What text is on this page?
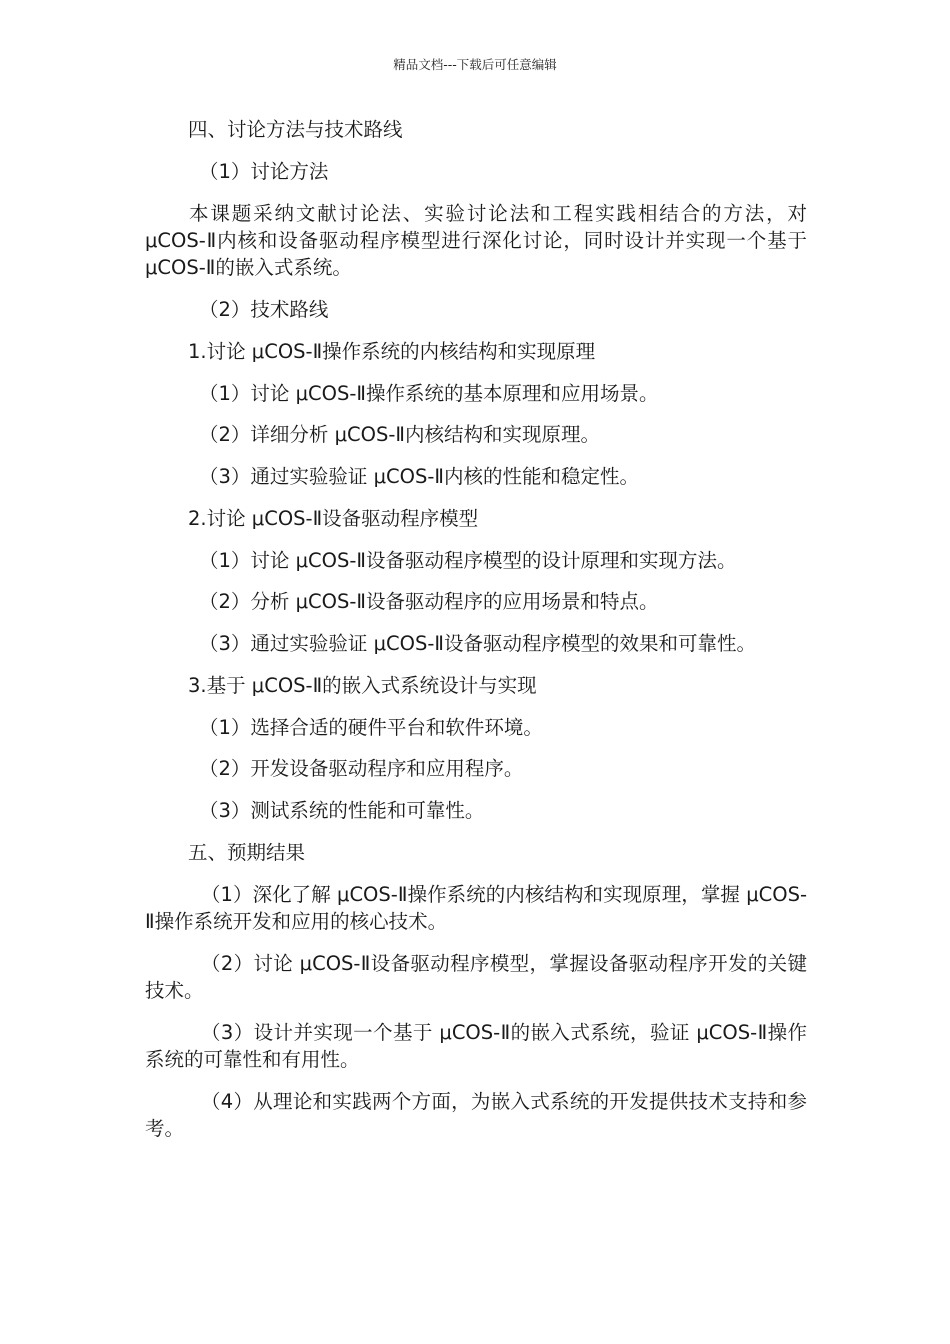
精品文档---下载后可任意编辑
四、讨论方法与技术路线
（1）讨论方法
本课题采纳文献讨论法、实验讨论法和工程实践相结合的方法，对 μCOS-Ⅱ内核和设备驱动程序模型进行深化讨论，同时设计并实现一个基于 μCOS-Ⅱ的嵌入式系统。
（2）技术路线
1.讨论 μCOS-Ⅱ操作系统的内核结构和实现原理
（1）讨论 μCOS-Ⅱ操作系统的基本原理和应用场景。
（2）详细分析 μCOS-Ⅱ内核结构和实现原理。
（3）通过实验验证 μCOS-Ⅱ内核的性能和稳定性。
2.讨论 μCOS-Ⅱ设备驱动程序模型
（1）讨论 μCOS-Ⅱ设备驱动程序模型的设计原理和实现方法。
（2）分析 μCOS-Ⅱ设备驱动程序的应用场景和特点。
（3）通过实验验证 μCOS-Ⅱ设备驱动程序模型的效果和可靠性。
3.基于 μCOS-Ⅱ的嵌入式系统设计与实现
（1）选择合适的硬件平台和软件环境。
（2）开发设备驱动程序和应用程序。
（3）测试系统的性能和可靠性。
五、预期结果
（1）深化了解 μCOS-Ⅱ操作系统的内核结构和实现原理，掌握 μCOS-Ⅱ操作系统开发和应用的核心技术。
（2）讨论 μCOS-Ⅱ设备驱动程序模型，掌握设备驱动程序开发的关键技术。
（3）设计并实现一个基于 μCOS-Ⅱ的嵌入式系统，验证 μCOS-Ⅱ操作系统的可靠性和有用性。
（4）从理论和实践两个方面，为嵌入式系统的开发提供技术支持和参考。
